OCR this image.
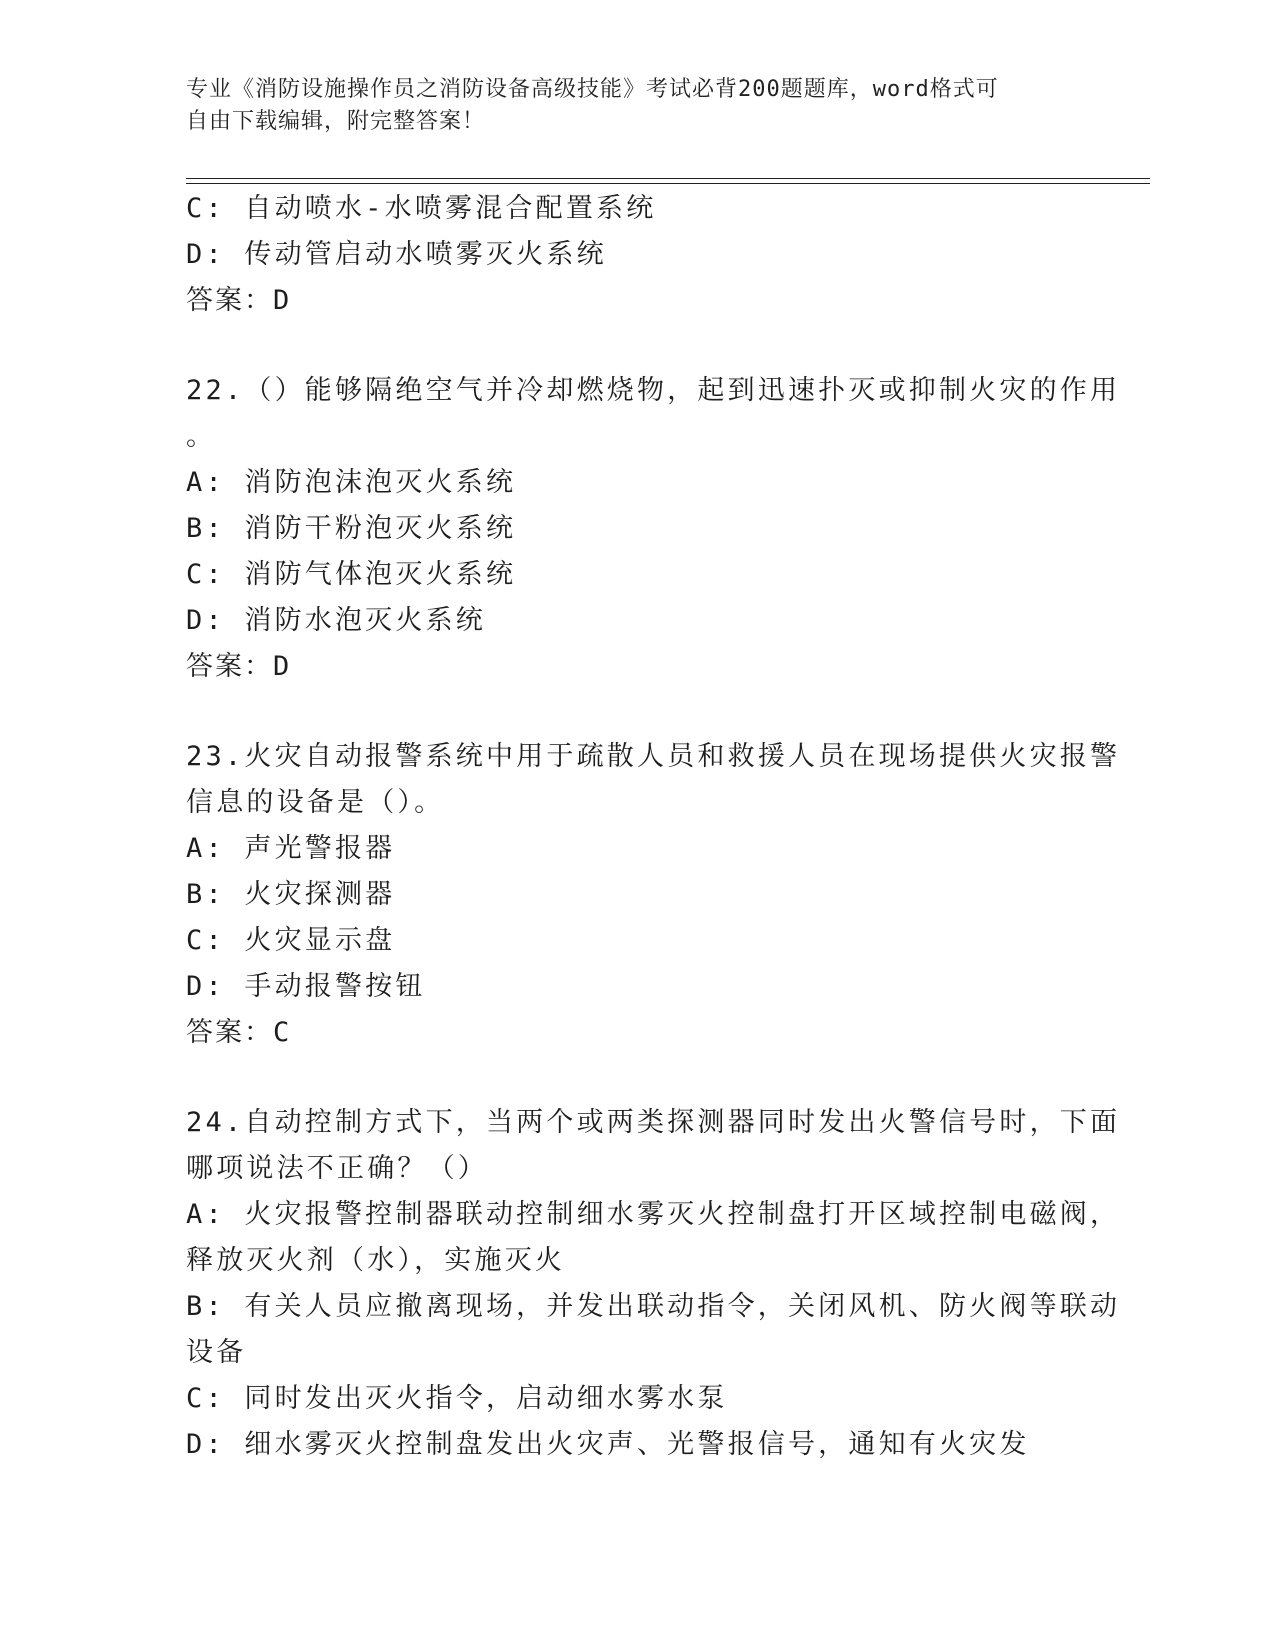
专业《消防设施操作员之消防设备高级技能》考试必背200题题库，word格式可
自由下载编辑，附完整答案！
C: 自动喷水-水喷雾混合配置系统
D: 传动管启动水喷雾灭火系统
答案：D
22.（）能够隔绝空气并冷却燃烧物，起到迅速扑灭或抑制火灾的作用
。
A: 消防泡沫泡灭火系统
B: 消防干粉泡灭火系统
C: 消防气体泡灭火系统
D: 消防水泡灭火系统
答案：D
23.火灾自动报警系统中用于疏散人员和救援人员在现场提供火灾报警
信息的设备是（）。
A: 声光警报器
B: 火灾探测器
C: 火灾显示盘
D: 手动报警按钮
答案：C
24.自动控制方式下，当两个或两类探测器同时发出火警信号时，下面
哪项说法不正确？（）
A: 火灾报警控制器联动控制细水雾灭火控制盘打开区域控制电磁阀，
释放灭火剂（水），实施灭火
B: 有关人员应撤离现场，并发出联动指令，关闭风机、防火阀等联动
设备
C: 同时发出灭火指令，启动细水雾水泵
D: 细水雾灭火控制盘发出火灾声、光警报信号，通知有火灾发
